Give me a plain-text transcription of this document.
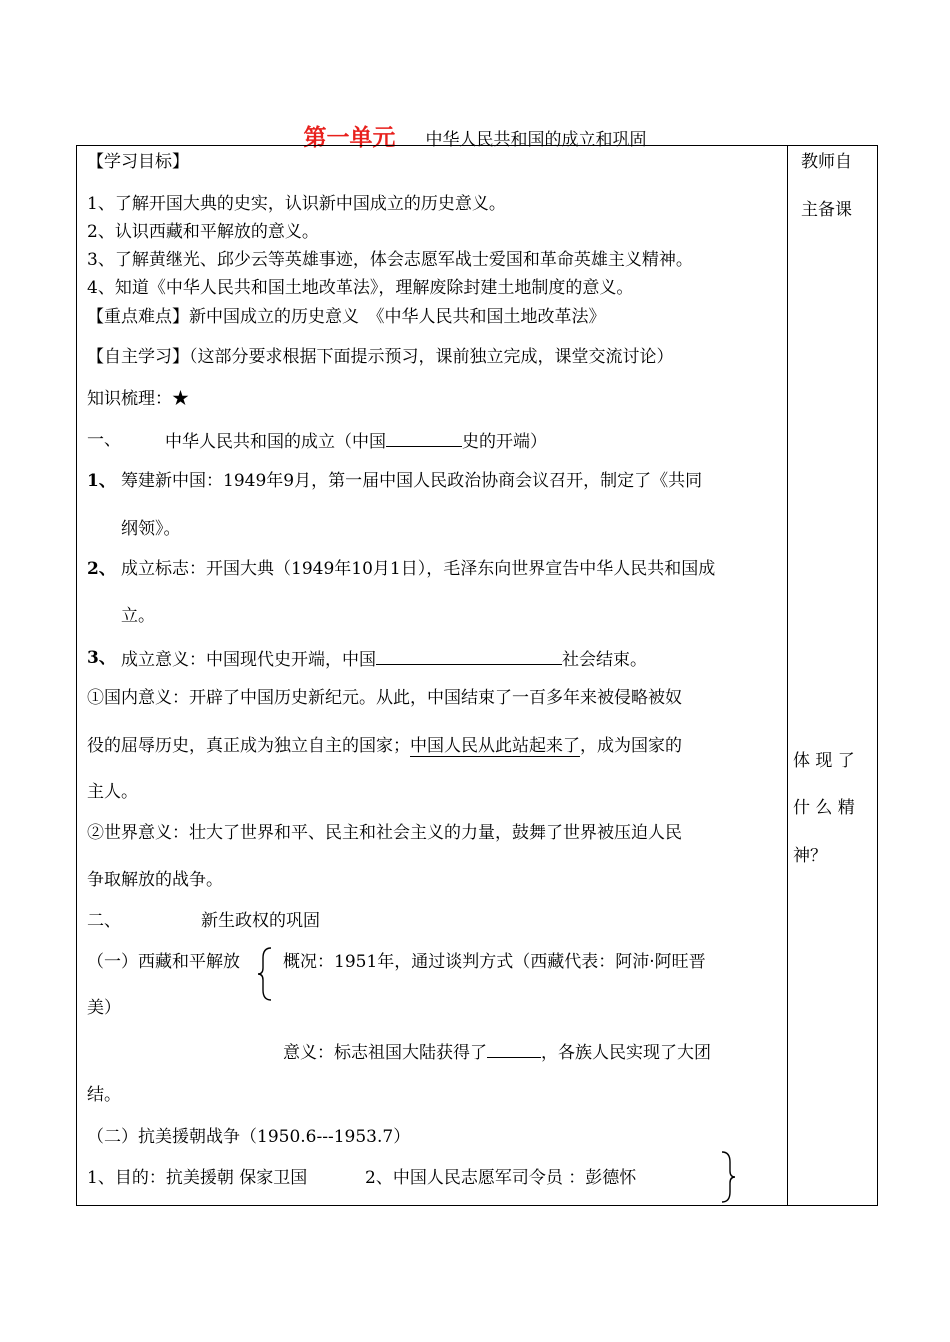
第一单元 中华人民共和国的成立和巩固
【学习目标】
1、了解开国大典的史实，认识新中国成立的历史意义。
2、认识西藏和平解放的意义。
3、了解黄继光、邱少云等英雄事迹，体会志愿军战士爱国和革命英雄主义精神。
4、知道《中华人民共和国土地改革法》，理解废除封建土地制度的意义。
【重点难点】新中国成立的历史意义　《中华人民共和国土地改革法》
【自主学习】（这部分要求根据下面提示预习，课前独立完成，课堂交流讨论）
知识梳理：★
一、	中华人民共和国的成立（中国	史的开端）
1、 筹建新中国：1949年9月，第一届中国人民政治协商会议召开，制定了《共同
纲领》。
2、 成立标志：开国大典（1949年10月1日），毛泽东向世界宣告中华人民共和国成
立。
3、 成立意义：中国现代史开端，中国	社会结束。
①国内意义：开辟了中国历史新纪元。从此，中国结束了一百多年来被侵略被奴
役的屈辱历史，真正成为独立自主的国家；中国人民从此站起来了，成为国家的
主人。
②世界意义：壮大了世界和平、民主和社会主义的力量，鼓舞了世界被压迫人民
争取解放的战争。
二、	新生政权的巩固
（一）西藏和平解放	概况：1951年，通过谈判方式（西藏代表：阿沛·阿旺晋
美）
意义：标志祖国大陆获得了	，各族人民实现了大团
结。
（二）抗美援朝战争（1950.6---1953.7）
1、目的：抗美援朝 保家卫国	2、中国人民志愿军司令员 ：彭德怀
教师自
主备课
体 现 了
什 么 精
神？
